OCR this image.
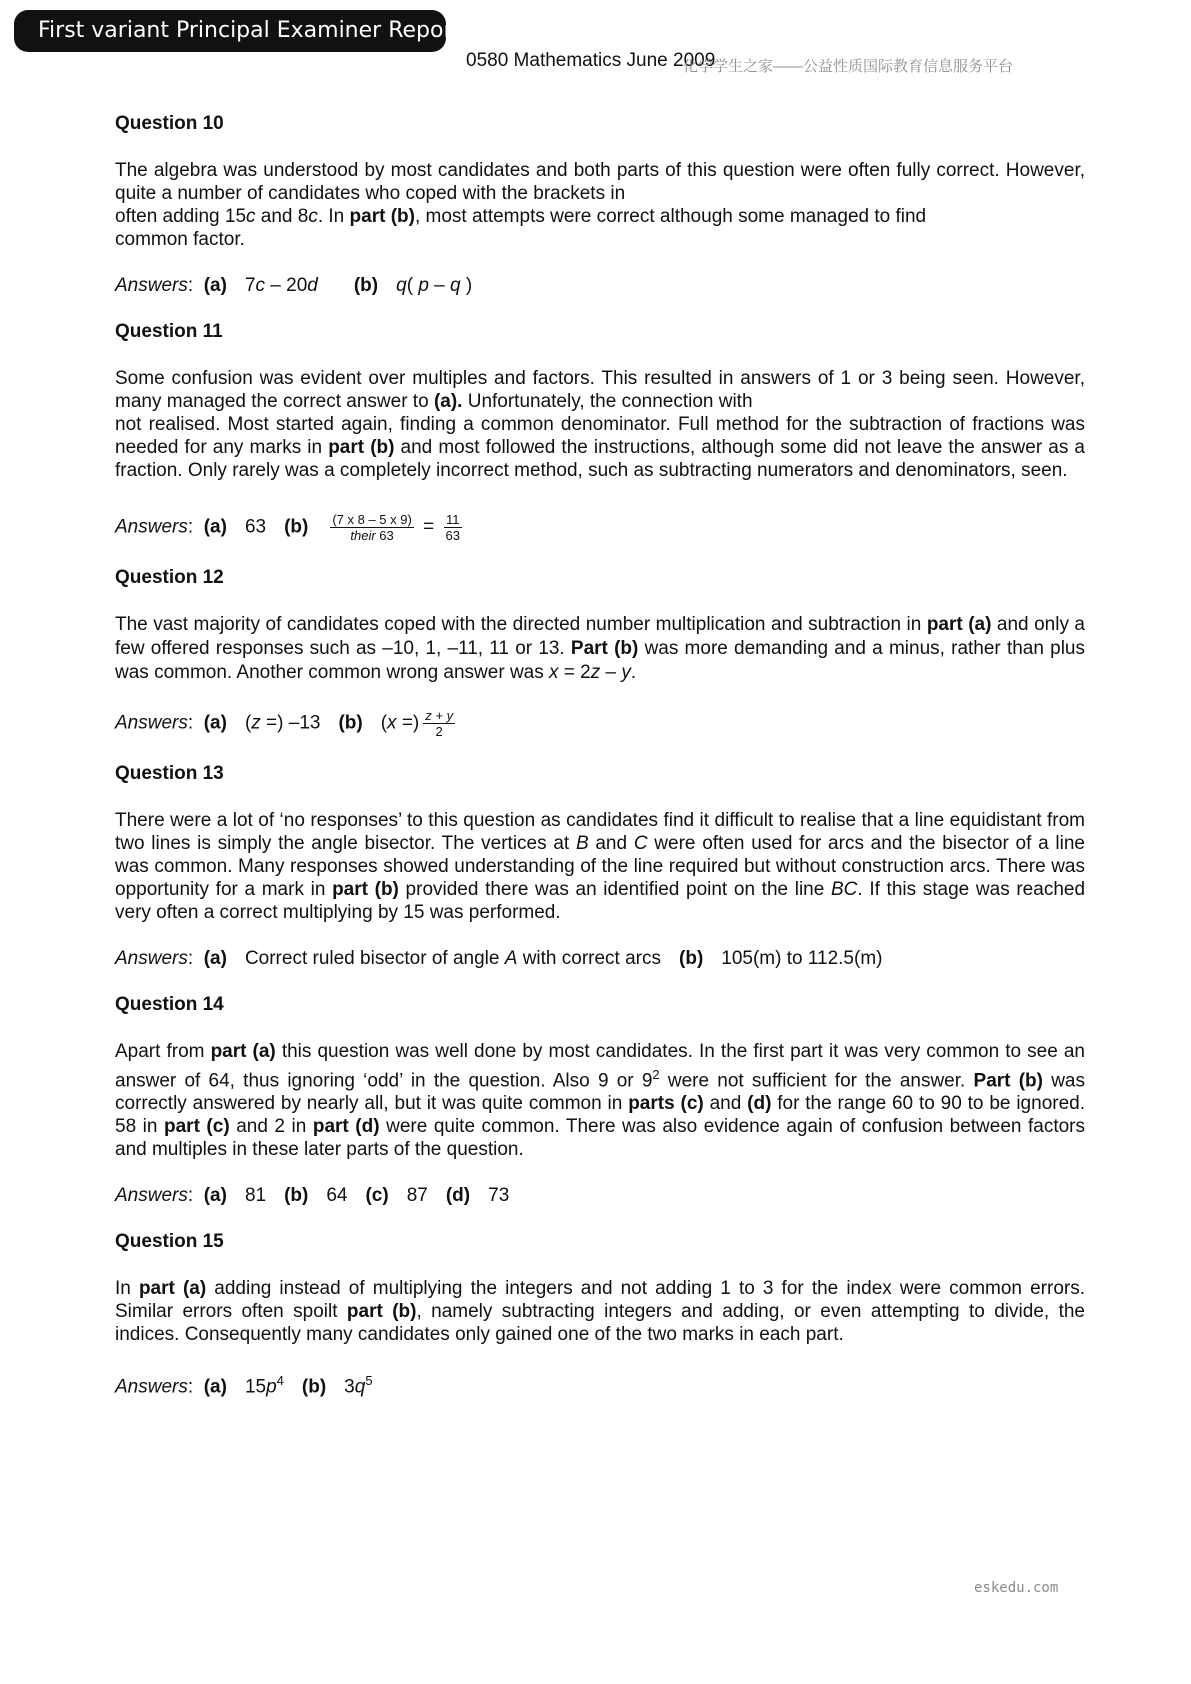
First variant Principal Examiner Report
0580 Mathematics June 2009
化学学生之家——公益性质国际教育信息服务平台
Question 10
The algebra was understood by most candidates and both parts of this question were often fully correct. However, quite a number of candidates who coped with the brackets in
often adding 15c and 8c. In part (b), most attempts were correct although some managed to find
common factor.
Answers: (a) 7c – 20d (b) q( p – q )
Question 11
Some confusion was evident over multiples and factors. This resulted in answers of 1 or 3 being seen. However, many managed the correct answer to (a). Unfortunately, the connection with
not realised. Most started again, finding a common denominator. Full method for the subtraction of fractions was needed for any marks in part (b) and most followed the instructions, although some did not leave the answer as a fraction. Only rarely was a completely incorrect method, such as subtracting numerators and denominators, seen.
Answers: (a) 63 $(b) \frac{(7 x 8 - 5 x 9)}{\text{their 63}} = \frac{11}{63}$
Question 12
The vast majority of candidates coped with the directed number multiplication and subtraction in part (a) and only a few offered responses such as –10, 1, –11, 11 or 13. Part (b) was more demanding and a minus, rather than plus was common. Another common wrong answer was x = 2z – y.
Answers: (a) (z =) –13 (b) (x =) $\frac{z + y}{2}$
Question 13
There were a lot of ‘no responses’ to this question as candidates find it difficult to realise that a line equidistant from two lines is simply the angle bisector. The vertices at B and C were often used for arcs and the bisector of a line was common. Many responses showed understanding of the line required but without construction arcs. There was opportunity for a mark in part (b) provided there was an identified point on the line BC. If this stage was reached very often a correct multiplying by 15 was performed.
Answers: (a) Correct ruled bisector of angle A with correct arcs (b) 105(m) to 112.5(m)
Question 14
Apart from part (a) this question was well done by most candidates. In the first part it was very common to see an answer of 64, thus ignoring ‘odd’ in the question. Also 9 or $9^2$ were not sufficient for the answer. Part (b) was correctly answered by nearly all, but it was quite common in parts (c) and (d) for the range 60 to 90 to be ignored. 58 in part (c) and 2 in part (d) were quite common. There was also evidence again of confusion between factors and multiples in these later parts of the question.
Answers: (a) 81 (b) 64 (c) 87 (d) 73
Question 15
In part (a) adding instead of multiplying the integers and not adding 1 to 3 for the index were common errors. Similar errors often spoilt part (b), namely subtracting integers and adding, or even attempting to divide, the indices. Consequently many candidates only gained one of the two marks in each part.
Answers: (a) $15p^4$ (b) $3q^5$
eskedu.com
